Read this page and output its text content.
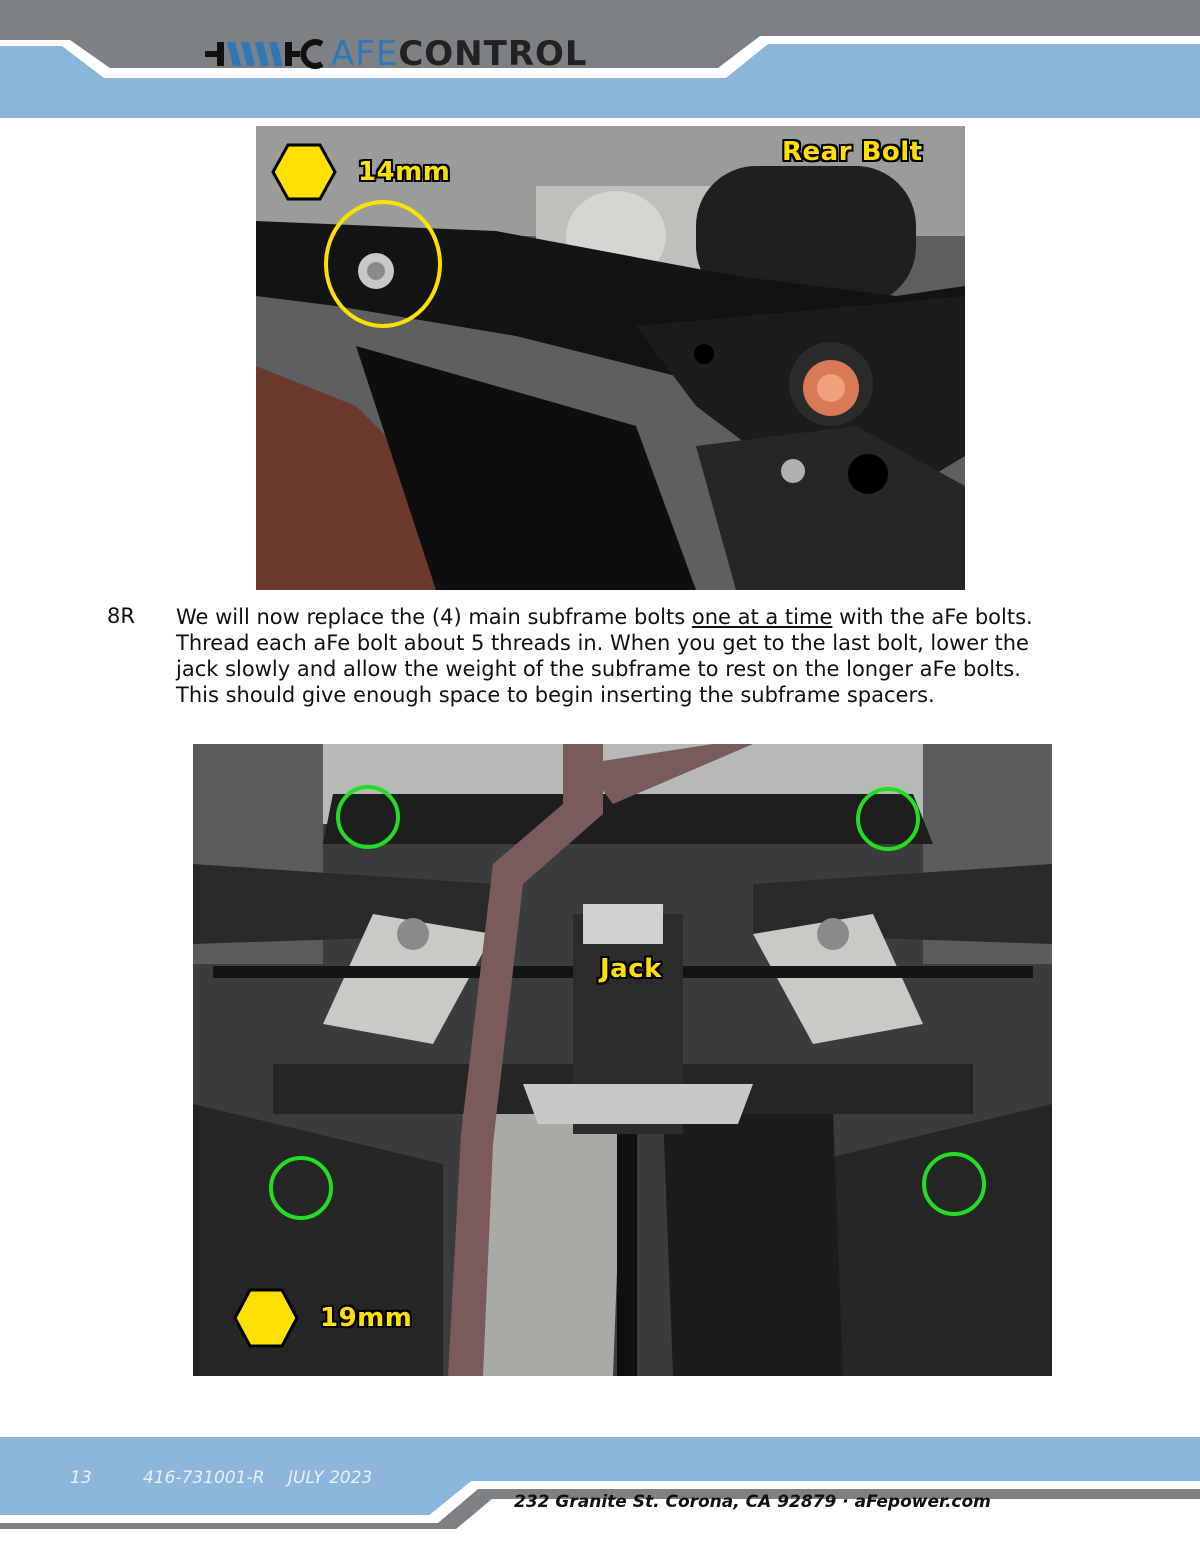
AFECONTROL
14mm
Rear Bolt
8R We will now replace the (4) main subframe bolts one at a time with the aFe bolts.

Thread each aFe bolt about 5 threads in. When you get to the last bolt, lower the

jack slowly and allow the weight of the subframe to rest on the longer aFe bolts.

This should give enough space to begin inserting the subframe spacers.

Jack
19mm
13	416-731001-R JULY 2023
232 Granite St. Corona, CA 92879 · aFepower.com
